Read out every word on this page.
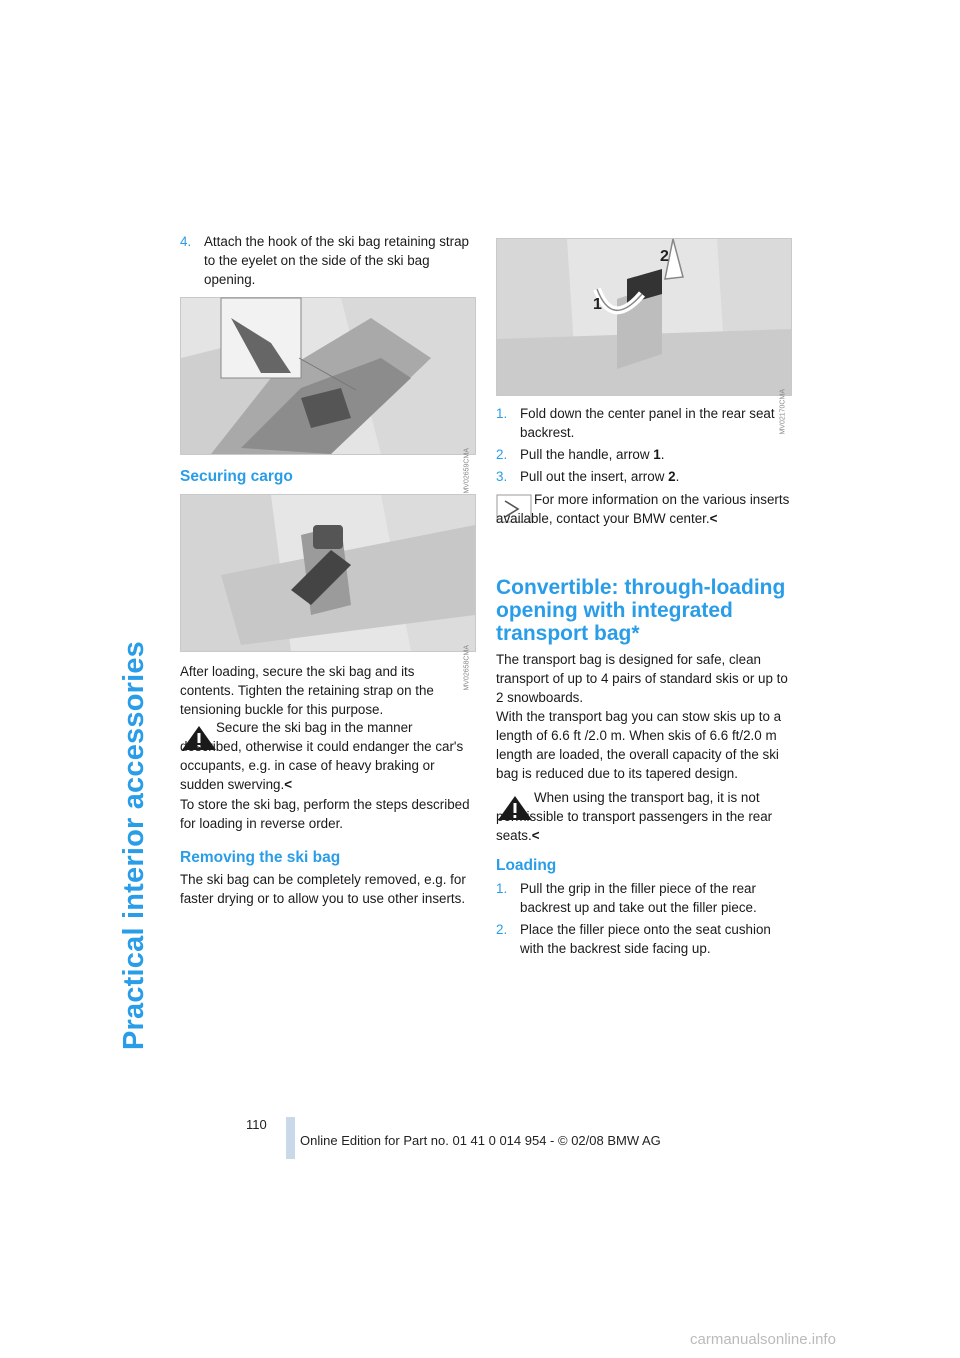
Practical interior accessories
4. Attach the hook of the ski bag retaining strap to the eyelet on the side of the ski bag opening.
MV02659CMA
Securing cargo
MV02658CMA
After loading, secure the ski bag and its contents. Tighten the retaining strap on the tensioning buckle for this purpose.
Secure the ski bag in the manner described, otherwise it could endanger the car's occupants, e.g. in case of heavy braking or sudden swerving.<
To store the ski bag, perform the steps described for loading in reverse order.
Removing the ski bag
The ski bag can be completely removed, e.g. for faster drying or to allow you to use other inserts.
1
2
MV02170CMA
1. Fold down the center panel in the rear seat backrest.
2. Pull the handle, arrow 1.
3. Pull out the insert, arrow 2.
For more information on the various inserts available, contact your BMW center.<
Convertible: through-loading opening with integrated transport bag*
The transport bag is designed for safe, clean transport of up to 4 pairs of standard skis or up to 2 snowboards.
With the transport bag you can stow skis up to a length of 6.6 ft /2.0 m. When skis of 6.6 ft/2.0 m length are loaded, the overall capacity of the ski bag is reduced due to its tapered design.
When using the transport bag, it is not permissible to transport passengers in the rear seats.<
Loading
1. Pull the grip in the filler piece of the rear backrest up and take out the filler piece.
2. Place the filler piece onto the seat cushion with the backrest side facing up.
110
Online Edition for Part no. 01 41 0 014 954 - © 02/08 BMW AG
carmanualsonline.info
